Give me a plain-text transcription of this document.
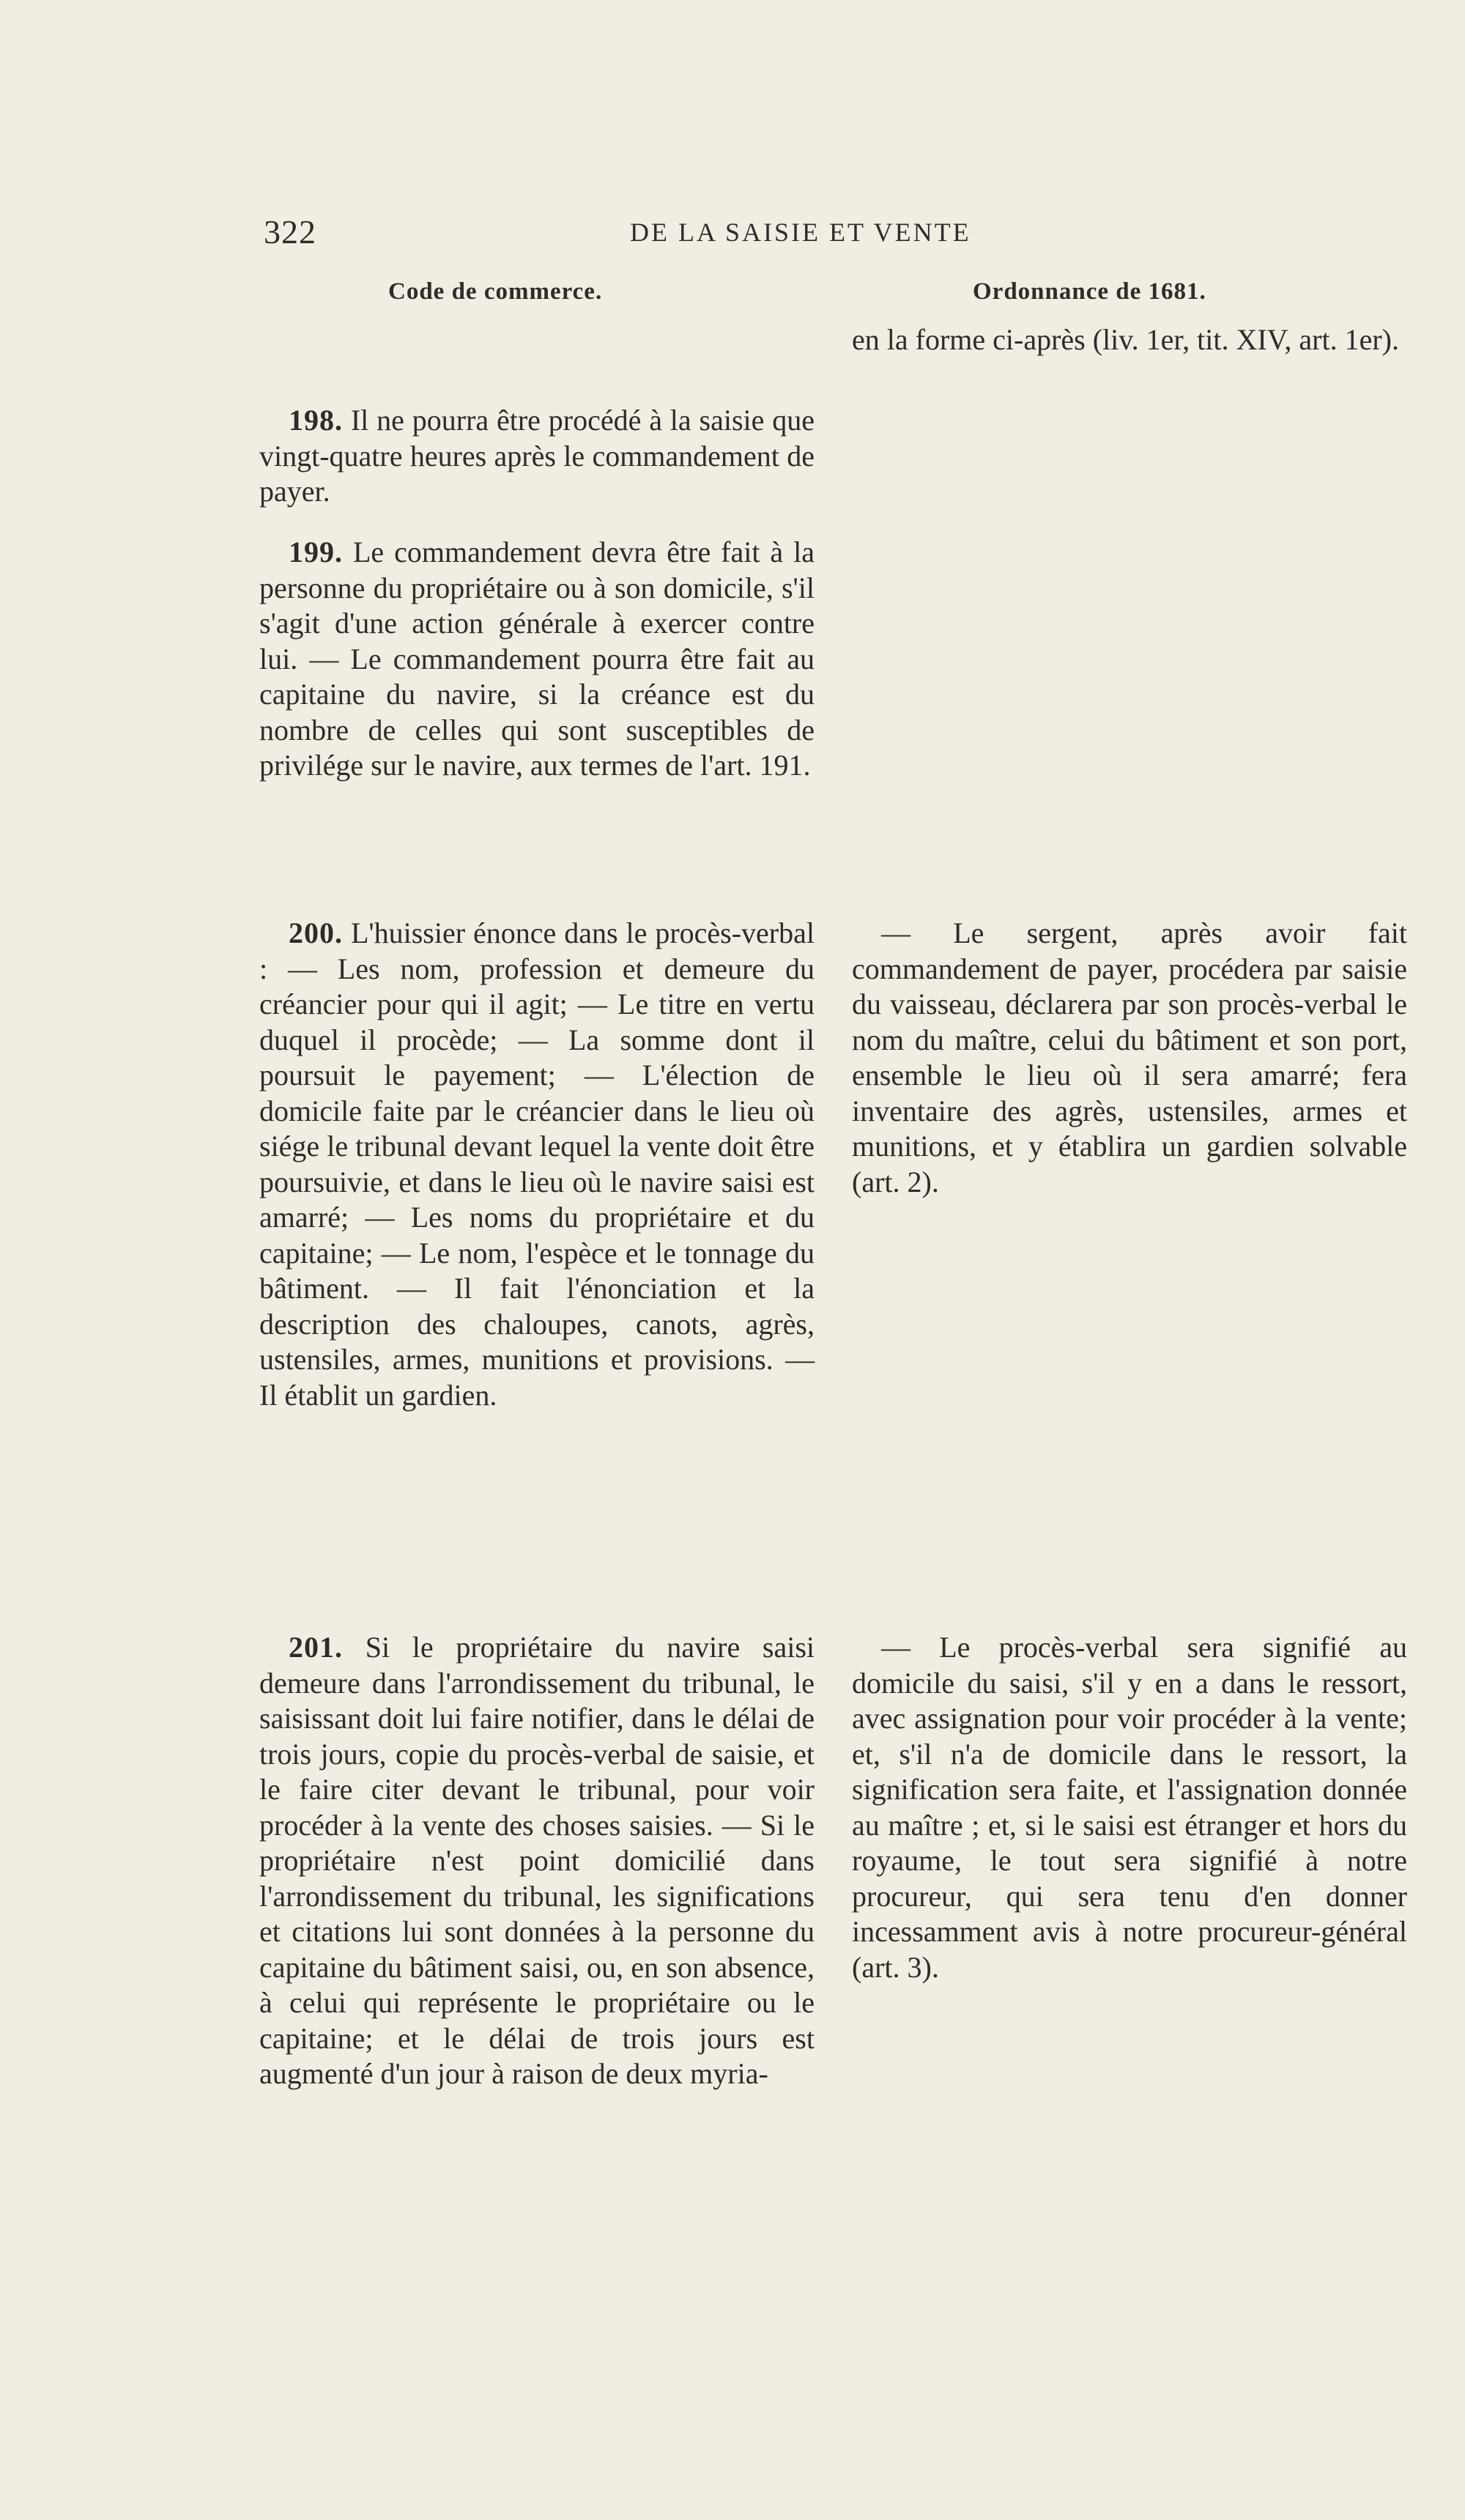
322	DE LA SAISIE ET VENTE
Code de commerce.	Ordonnance de 1681.

198. Il ne pourra être procédé à la saisie que vingt-quatre heures après le commandement de payer.

199. Le commandement devra être fait à la personne du propriétaire ou à son domicile, s'il s'agit d'une action générale à exercer contre lui. — Le commandement pourra être fait au capitaine du navire, si la créance est du nombre de celles qui sont susceptibles de privilége sur le navire, aux termes de l'art. 191.

200. L'huissier énonce dans le procès-verbal : — Les nom, profession et demeure du créancier pour qui il agit; — Le titre en vertu duquel il procède; — La somme dont il poursuit le payement; — L'élection de domicile faite par le créancier dans le lieu où siége le tribunal devant lequel la vente doit être poursuivie, et dans le lieu où le navire saisi est amarré; — Les noms du propriétaire et du capitaine; — Le nom, l'espèce et le tonnage du bâtiment. — Il fait l'énonciation et la description des chaloupes, canots, agrès, ustensiles, armes, munitions et provisions. — Il établit un gardien.

201. Si le propriétaire du navire saisi demeure dans l'arrondissement du tribunal, le saisissant doit lui faire notifier, dans le délai de trois jours, copie du procès-verbal de saisie, et le faire citer devant le tribunal, pour voir procéder à la vente des choses saisies. — Si le propriétaire n'est point domicilié dans l'arrondissement du tribunal, les significations et citations lui sont données à la personne du capitaine du bâtiment saisi, ou, en son absence, à celui qui représente le propriétaire ou le capitaine; et le délai de trois jours est augmenté d'un jour à raison de deux myria-

en la forme ci-après (liv. 1er, tit. XIV, art. 1er).

— Le sergent, après avoir fait commandement de payer, procédera par saisie du vaisseau, déclarera par son procès-verbal le nom du maître, celui du bâtiment et son port, ensemble le lieu où il sera amarré; fera inventaire des agrès, ustensiles, armes et munitions, et y établira un gardien solvable (art. 2).

— Le procès-verbal sera signifié au domicile du saisi, s'il y en a dans le ressort, avec assignation pour voir procéder à la vente; et, s'il n'a de domicile dans le ressort, la signification sera faite, et l'assignation donnée au maître ; et, si le saisi est étranger et hors du royaume, le tout sera signifié à notre procureur, qui sera tenu d'en donner incessamment avis à notre procureur-général (art. 3).
